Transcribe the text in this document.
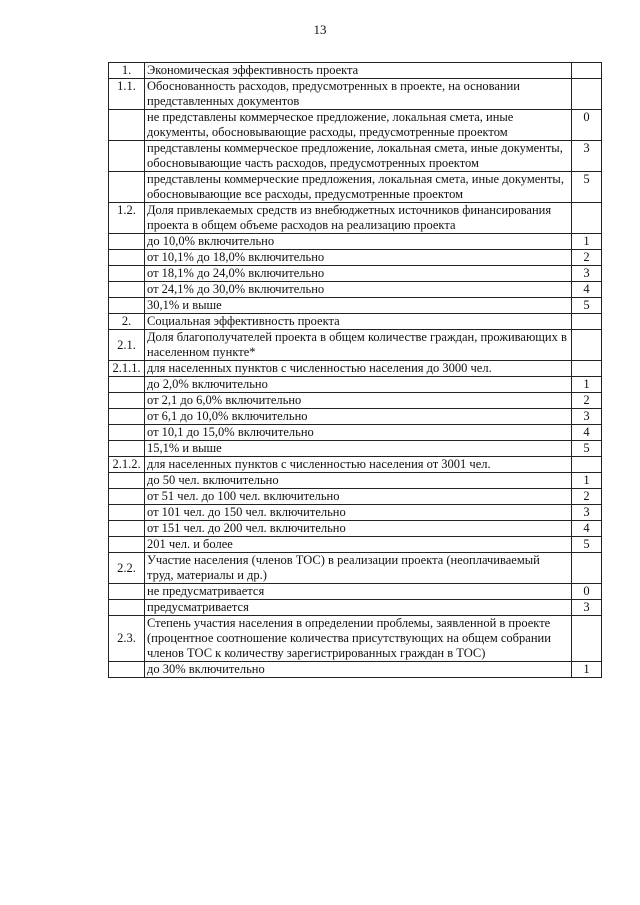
13
1.	Экономическая эффективность проекта	
1.1.	Обоснованность расходов, предусмотренных в проекте, на основании представленных документов	
	не представлены коммерческое предложение, локальная смета, иные документы, обосновывающие расходы, предусмотренные проектом	0
	представлены коммерческое предложение, локальная смета, иные документы, обосновывающие часть расходов, предусмотренных проектом	3
	представлены коммерческие предложения, локальная смета, иные документы, обосновывающие все расходы, предусмотренные проектом	5
1.2.	Доля привлекаемых средств из внебюджетных источников финансирования проекта в общем объеме расходов на реализацию проекта	
	до 10,0% включительно	1
	от 10,1% до 18,0% включительно	2
	от 18,1% до 24,0% включительно	3
	от 24,1% до 30,0% включительно	4
	30,1% и выше	5
2.	Социальная эффективность проекта	
2.1.	Доля благополучателей проекта в общем количестве граждан, проживающих в населенном пункте*	
2.1.1.	для населенных пунктов с численностью населения до 3000 чел.	
	до 2,0% включительно	1
	от 2,1 до 6,0% включительно	2
	от 6,1 до 10,0% включительно	3
	от 10,1 до 15,0% включительно	4
	15,1% и выше	5
2.1.2.	для населенных пунктов с численностью населения от 3001 чел.	
	до 50 чел. включительно	1
	от 51 чел. до 100 чел. включительно	2
	от 101 чел. до 150 чел. включительно	3
	от 151 чел. до 200 чел. включительно	4
	201 чел. и более	5
2.2.	Участие населения (членов ТОС) в реализации проекта (неоплачиваемый труд, материалы и др.)	
	не предусматривается	0
	предусматривается	3
2.3.	Степень участия населения в определении проблемы, заявленной в проекте (процентное соотношение количества присутствующих на общем собрании членов ТОС к количеству зарегистрированных граждан в ТОС)	
	до 30% включительно	1
